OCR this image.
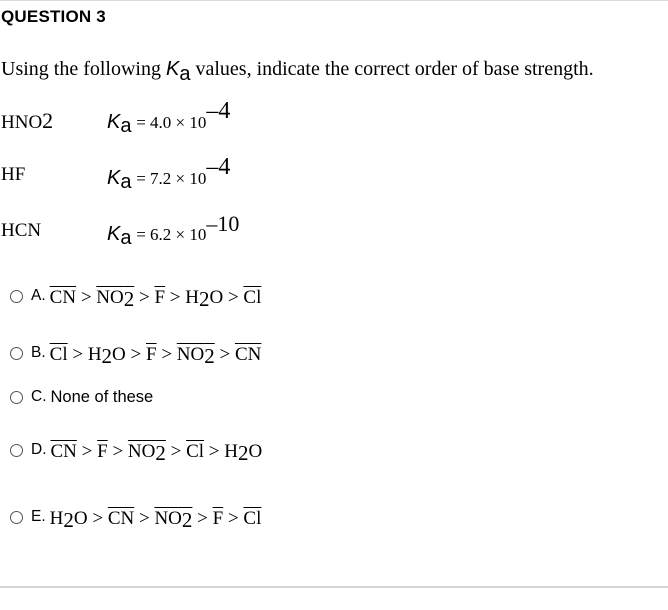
QUESTION 3
Using the following Ka values, indicate the correct order of base strength.
HNO2	Ka = 4.0 × 10–4
HF	Ka = 7.2 × 10–4
HCN	Ka = 6.2 × 10–10
A. $\overline{CN} > NO2 > \overline{F} > H2O > \overline{Cl}$
B. $\overline{Cl} > H2O > \overline{F} > NO2 > \overline{CN}$
C. None of these
D. $\overline{CN} > \overline{F} > NO2 > \overline{Cl} > H2O$
E. $H2O > \overline{CN} > NO2 > \overline{F} > \overline{Cl}$
